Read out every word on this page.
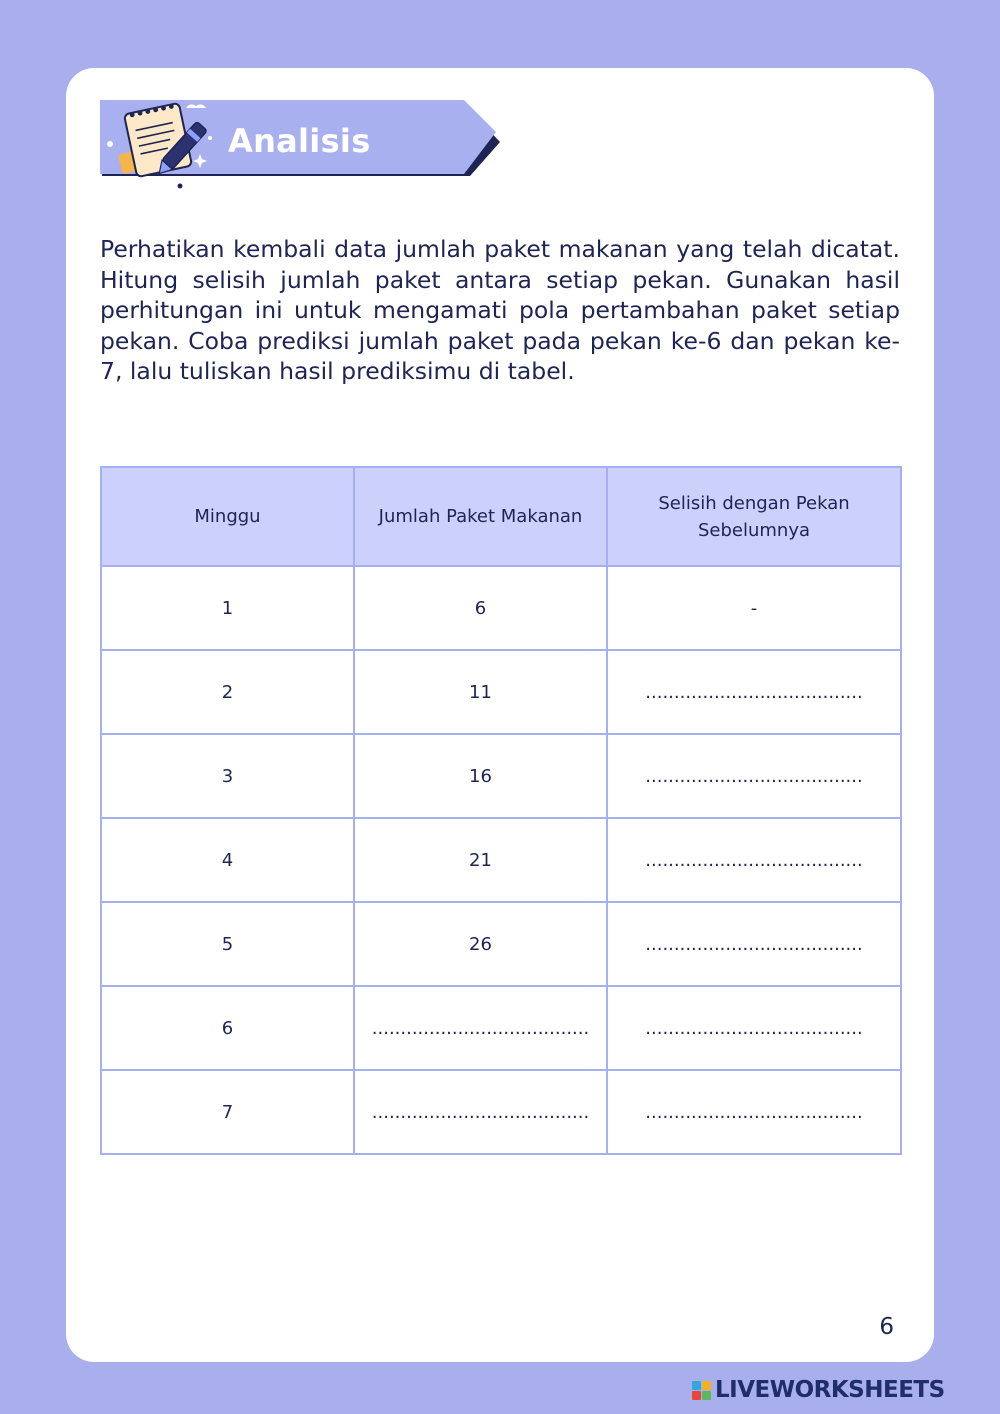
Analisis

Perhatikan kembali data jumlah paket makanan yang telah dicatat. Hitung selisih jumlah paket antara setiap pekan. Gunakan hasil perhitungan ini untuk mengamati pola pertambahan paket setiap pekan. Coba prediksi jumlah paket pada pekan ke-6 dan pekan ke-7, lalu tuliskan hasil prediksimu di tabel.

Minggu	Jumlah Paket Makanan	Selisih dengan Pekan Sebelumnya
1	6	-
2	11	......................................
3	16	......................................
4	21	......................................
5	26	......................................
6	......................................	......................................
7	......................................	......................................
6
LIVEWORKSHEETS
